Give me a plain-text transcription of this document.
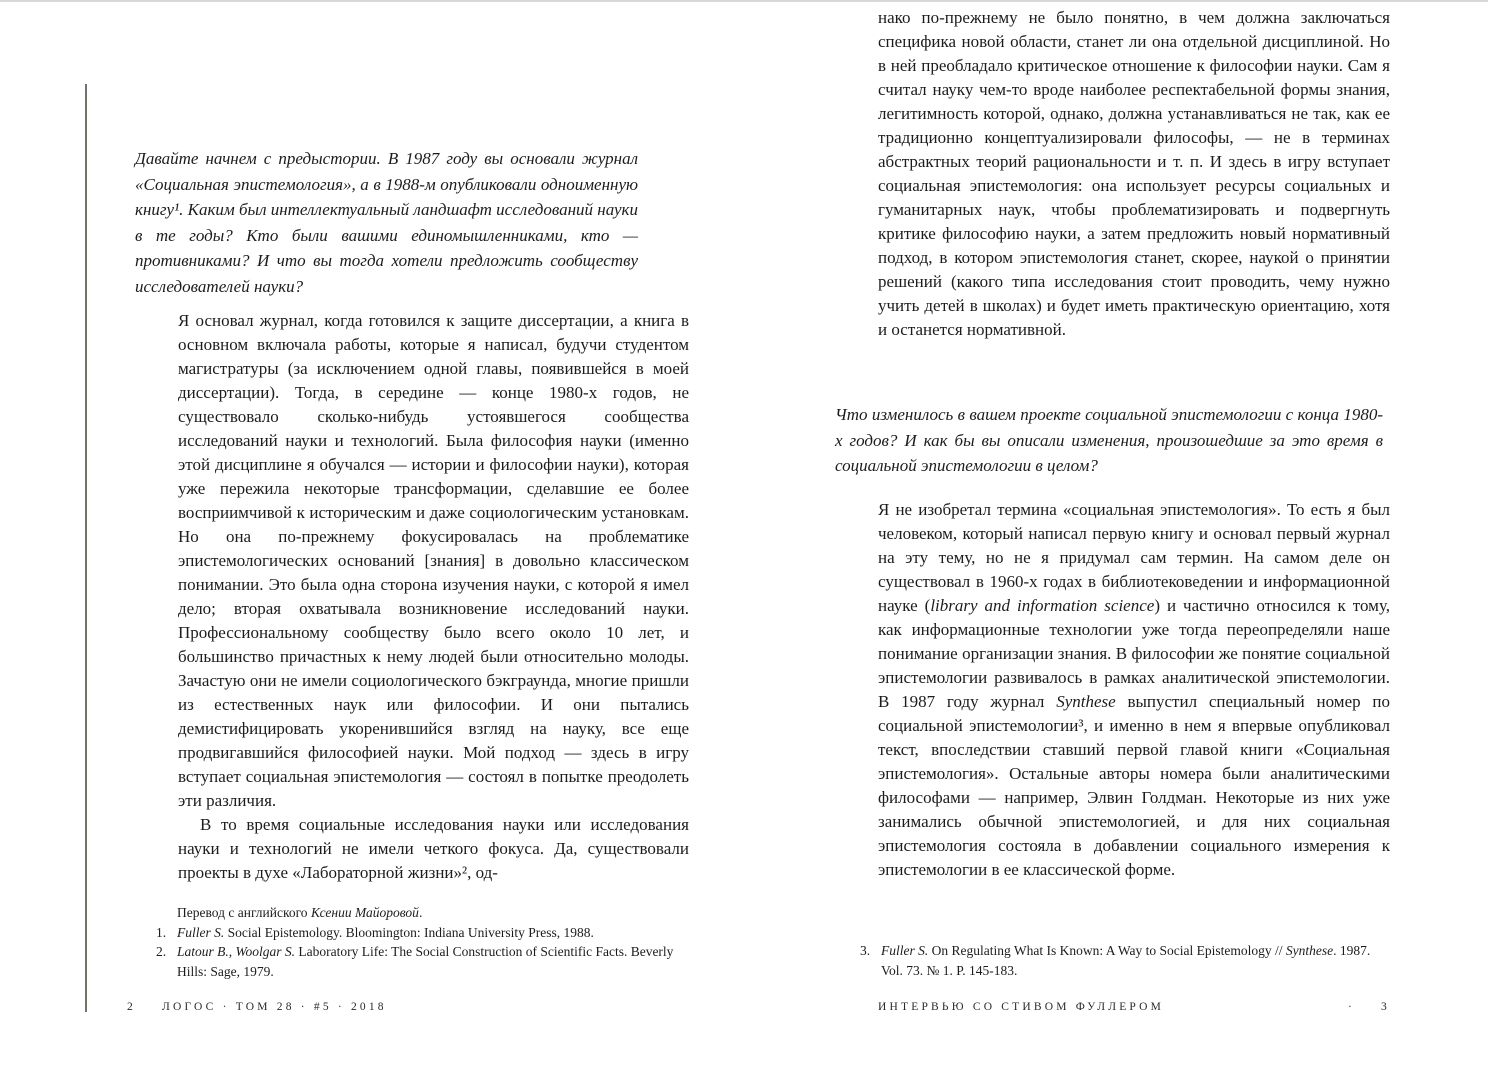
Давайте начнем с предыстории. В 1987 году вы основали журнал «Социальная эпистемология», а в 1988-м опубликовали одноименную книгу¹. Каким был интеллектуальный ландшафт исследований науки в те годы? Кто были вашими единомышленниками, кто — противниками? И что вы тогда хотели предложить сообществу исследователей науки?

Я основал журнал, когда готовился к защите диссертации, а книга в основном включала работы, которые я написал, будучи студентом магистратуры (за исключением одной главы, появившейся в моей диссертации). Тогда, в середине — конце 1980-х годов, не существовало сколько-нибудь устоявшегося сообщества исследований науки и технологий. Была философия науки (именно этой дисциплине я обучался — истории и философии науки), которая уже пережила некоторые трансформации, сделавшие ее более восприимчивой к историческим и даже социологическим установкам. Но она по-прежнему фокусировалась на проблематике эпистемологических оснований [знания] в довольно классическом понимании. Это была одна сторона изучения науки, с которой я имел дело; вторая охватывала возникновение исследований науки. Профессиональному сообществу было всего около 10 лет, и большинство причастных к нему людей были относительно молоды. Зачастую они не имели социологического бэкграунда, многие пришли из естественных наук или философии. И они пытались демистифицировать укоренившийся взгляд на науку, все еще продвигавшийся философией науки. Мой подход — здесь в игру вступает социальная эпистемология — состоял в попытке преодолеть эти различия.

В то время социальные исследования науки или исследования науки и технологий не имели четкого фокуса. Да, существовали проекты в духе «Лабораторной жизни»², од-

Перевод с английского Ксении Майоровой.

1. Fuller S. Social Epistemology. Bloomington: Indiana University Press, 1988.
2. Latour B., Woolgar S. Laboratory Life: The Social Construction of Scientific Facts. Beverly Hills: Sage, 1979.
2 ЛОГОС · ТОМ 28 · #5 · 2018

нако по-прежнему не было понятно, в чем должна заключаться специфика новой области, станет ли она отдельной дисциплиной. Но в ней преобладало критическое отношение к философии науки. Сам я считал науку чем-то вроде наиболее респектабельной формы знания, легитимность которой, однако, должна устанавливаться не так, как ее традиционно концептуализировали философы, — не в терминах абстрактных теорий рациональности и т. п. И здесь в игру вступает социальная эпистемология: она использует ресурсы социальных и гуманитарных наук, чтобы проблематизировать и подвергнуть критике философию науки, а затем предложить новый нормативный подход, в котором эпистемология станет, скорее, наукой о принятии решений (какого типа исследования стоит проводить, чему нужно учить детей в школах) и будет иметь практическую ориентацию, хотя и останется нормативной.

Что изменилось в вашем проекте социальной эпистемологии с конца 1980-х годов? И как бы вы описали изменения, произошедшие за это время в социальной эпистемологии в целом?

Я не изобретал термина «социальная эпистемология». То есть я был человеком, который написал первую книгу и основал первый журнал на эту тему, но не я придумал сам термин. На самом деле он существовал в 1960-х годах в библиотековедении и информационной науке (library and information science) и частично относился к тому, как информационные технологии уже тогда переопределяли наше понимание организации знания. В философии же понятие социальной эпистемологии развивалось в рамках аналитической эпистемологии. В 1987 году журнал Synthese выпустил специальный номер по социальной эпистемологии³, и именно в нем я впервые опубликовал текст, впоследствии ставший первой главой книги «Социальная эпистемология». Остальные авторы номера были аналитическими философами — например, Элвин Голдман. Некоторые из них уже занимались обычной эпистемологией, и для них социальная эпистемология состояла в добавлении социального измерения к эпистемологии в ее классической форме.

3. Fuller S. On Regulating What Is Known: A Way to Social Epistemology // Synthese. 1987. Vol. 73. № 1. P. 145-183.
ИНТЕРВЬЮ СО СТИВОМ ФУЛЛЕРОМ	· 3
